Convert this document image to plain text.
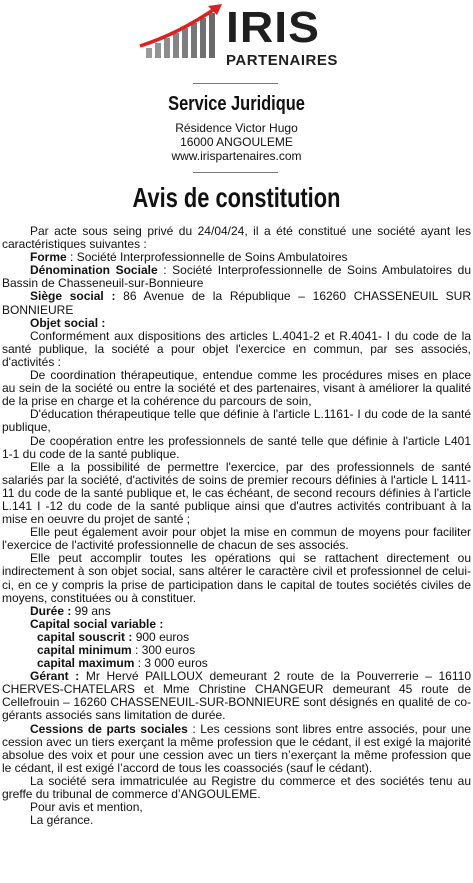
IRIS
PARTENAIRES
Service Juridique
Résidence Victor Hugo
16000 ANGOULEME
www.irispartenaires.com
Avis de constitution

Par acte sous seing privé du 24/04/24, il a été constitué une société ayant les caractéristiques suivantes :

Forme : Société Interprofessionnelle de Soins Ambulatoires

Dénomination Sociale : Société Interprofessionnelle de Soins Ambulatoires du Bassin de Chasseneuil-sur-Bonnieure

Siège social : 86 Avenue de la République – 16260 CHASSENEUIL SUR BONNIEURE

Objet social :

Conformément aux dispositions des articles L.4041-2 et R.4041- I du code de la santé publique, la société a pour objet l'exercice en commun, par ses associés, d'activités :

De coordination thérapeutique, entendue comme les procédures mises en place au sein de la société ou entre la société et des partenaires, visant à améliorer la qualité de la prise en charge et la cohérence du parcours de soin,

D'éducation thérapeutique telle que définie à l'article L.1161- I du code de la santé publique,

De coopération entre les professionnels de santé telle que définie à l'article L401 1-1 du code de la santé publique.

Elle a la possibilité de permettre l'exercice, par des professionnels de santé salariés par la société, d'activités de soins de premier recours définies à l'article L 1411-11 du code de la santé publique et, le cas échéant, de second recours définies à l'article L.141 I -12 du code de la santé publique ainsi que d'autres activités contribuant à la mise en oeuvre du projet de santé ;

Elle peut également avoir pour objet la mise en commun de moyens pour faciliter l'exercice de l'activité professionnelle de chacun de ses associés.

Elle peut accomplir toutes les opérations qui se rattachent directement ou indirectement à son objet social, sans altérer le caractère civil et professionnel de celui-ci, en ce y compris la prise de participation dans le capital de toutes sociétés civiles de moyens, constituées ou à constituer.

Durée : 99 ans

Capital social variable :

capital souscrit : 900 euros

capital minimum : 300 euros

capital maximum : 3 000 euros

Gérant : Mr Hervé PAILLOUX demeurant 2 route de la Pouverrerie – 16110 CHERVES-CHATELARS et Mme Christine CHANGEUR demeurant 45 route de Cellefrouin – 16260 CHASSENEUIL-SUR-BONNIEURE sont désignés en qualité de co-gérants associés sans limitation de durée.

Cessions de parts sociales : Les cessions sont libres entre associés, pour une cession avec un tiers exerçant la même profession que le cédant, il est exigé la majorité absolue des voix et pour une cession avec un tiers n’exerçant la même profession que le cédant, il est exigé l’accord de tous les coassociés (sauf le cédant).

La société sera immatriculée au Registre du commerce et des sociétés tenu au greffe du tribunal de commerce d’ANGOULEME.

Pour avis et mention,

La gérance.
